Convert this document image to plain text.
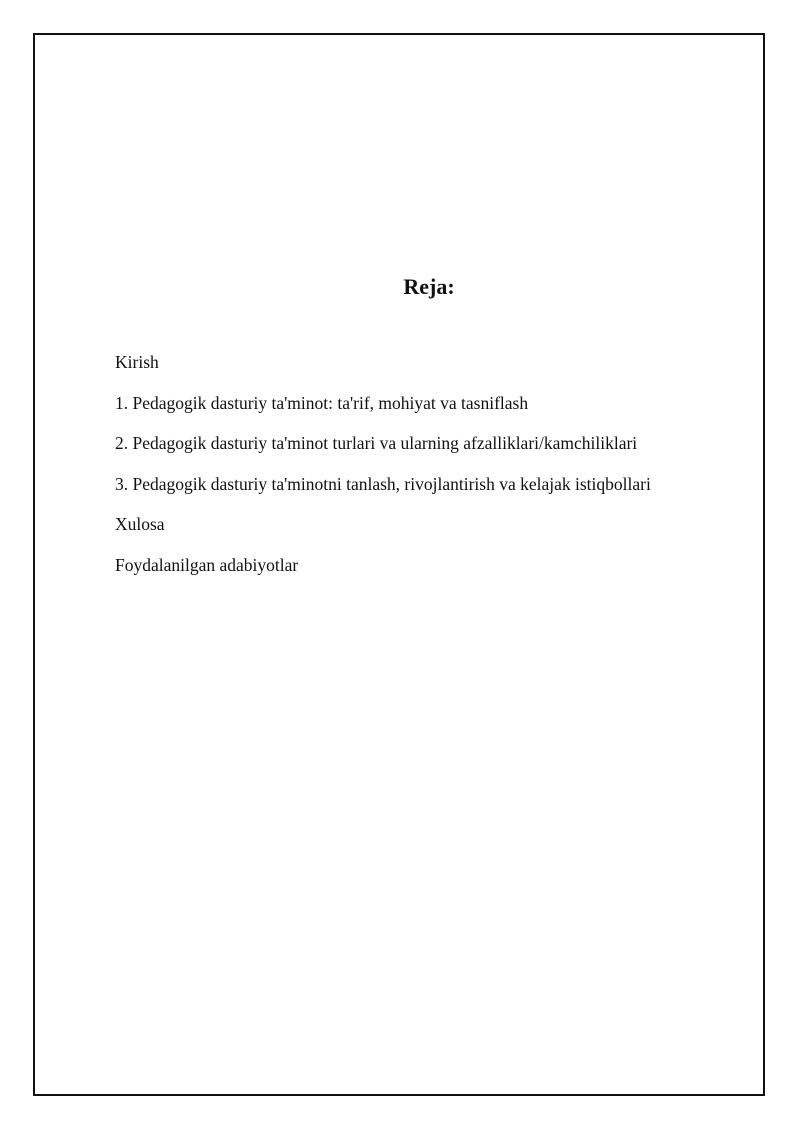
Reja:
Kirish
1. Pedagogik dasturiy ta'minot: ta'rif, mohiyat va tasniflash
2. Pedagogik dasturiy ta'minot turlari va ularning afzalliklari/kamchiliklari
3. Pedagogik dasturiy ta'minotni tanlash, rivojlantirish va kelajak istiqbollari
Xulosa
Foydalanilgan adabiyotlar
